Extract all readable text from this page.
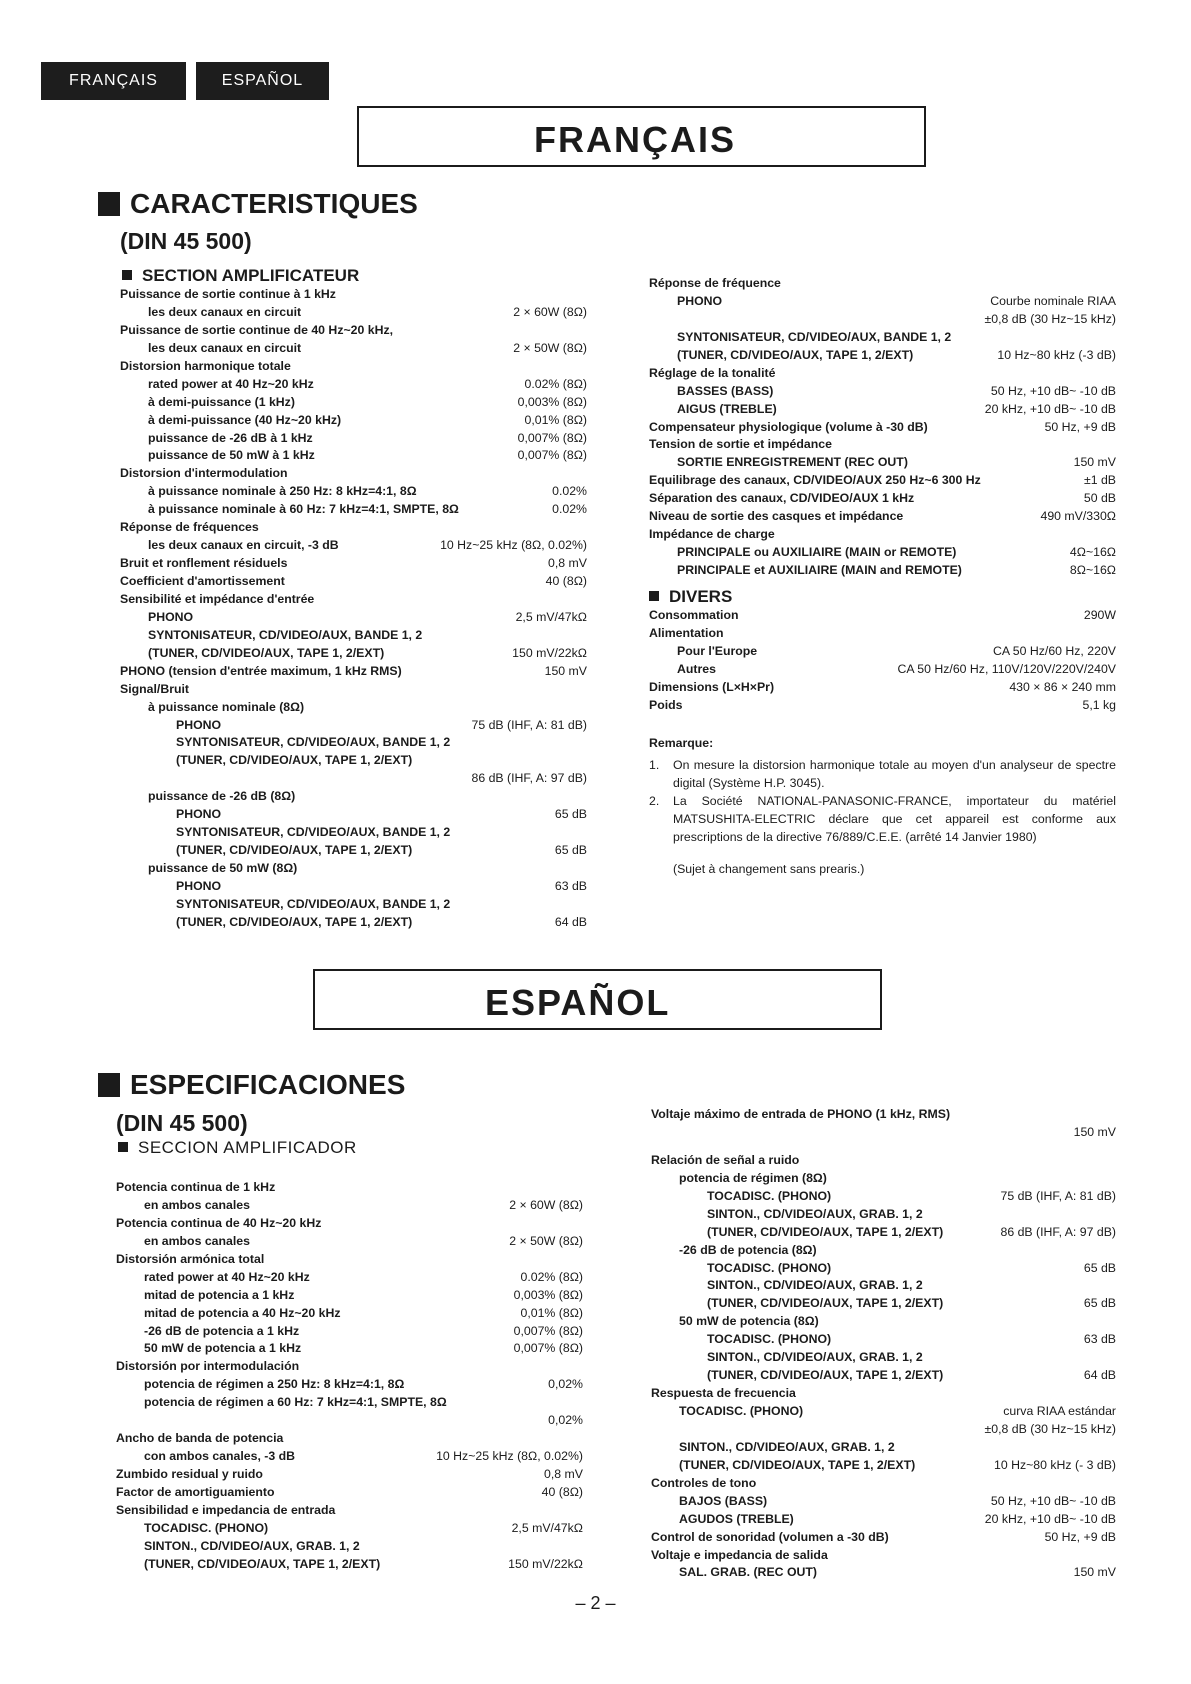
FRANÇAIS	ESPAÑOL
FRANÇAIS
CARACTERISTIQUES
(DIN 45 500)
SECTION AMPLIFICATEUR
Puissance de sortie continue à 1 kHz
les deux canaux en circuit	2 × 60W (8Ω)
Puissance de sortie continue de 40 Hz~20 kHz,
les deux canaux en circuit	2 × 50W (8Ω)
Distorsion harmonique totale
rated power at 40 Hz~20 kHz	0.02% (8Ω)
à demi-puissance (1 kHz)	0,003% (8Ω)
à demi-puissance (40 Hz~20 kHz)	0,01% (8Ω)
puissance de -26 dB à 1 kHz	0,007% (8Ω)
puissance de 50 mW à 1 kHz	0,007% (8Ω)
Distorsion d'intermodulation
à puissance nominale à 250 Hz: 8 kHz=4:1, 8Ω	0.02%
à puissance nominale à 60 Hz: 7 kHz=4:1, SMPTE, 8Ω	0.02%
Réponse de fréquences
les deux canaux en circuit, -3 dB	10 Hz~25 kHz (8Ω, 0.02%)
Bruit et ronflement résiduels	0,8 mV
Coefficient d'amortissement	40 (8Ω)
Sensibilité et impédance d'entrée
PHONO	2,5 mV/47kΩ
SYNTONISATEUR, CD/VIDEO/AUX, BANDE 1, 2
(TUNER, CD/VIDEO/AUX, TAPE 1, 2/EXT)	150 mV/22kΩ
PHONO (tension d'entrée maximum, 1 kHz RMS)	150 mV
Signal/Bruit
à puissance nominale (8Ω)
PHONO	75 dB (IHF, A: 81 dB)
SYNTONISATEUR, CD/VIDEO/AUX, BANDE 1, 2
(TUNER, CD/VIDEO/AUX, TAPE 1, 2/EXT)
86 dB (IHF, A: 97 dB)
puissance de -26 dB (8Ω)
PHONO	65 dB
SYNTONISATEUR, CD/VIDEO/AUX, BANDE 1, 2
(TUNER, CD/VIDEO/AUX, TAPE 1, 2/EXT)	65 dB
puissance de 50 mW (8Ω)
PHONO	63 dB
SYNTONISATEUR, CD/VIDEO/AUX, BANDE 1, 2
(TUNER, CD/VIDEO/AUX, TAPE 1, 2/EXT)	64 dB
Réponse de fréquence
PHONO	Courbe nominale RIAA
±0,8 dB (30 Hz~15 kHz)
SYNTONISATEUR, CD/VIDEO/AUX, BANDE 1, 2
(TUNER, CD/VIDEO/AUX, TAPE 1, 2/EXT)	10 Hz~80 kHz (-3 dB)
Réglage de la tonalité
BASSES (BASS)	50 Hz, +10 dB~ -10 dB
AIGUS (TREBLE)	20 kHz, +10 dB~ -10 dB
Compensateur physiologique (volume à -30 dB)	50 Hz, +9 dB
Tension de sortie et impédance
SORTIE ENREGISTREMENT (REC OUT)	150 mV
Equilibrage des canaux, CD/VIDEO/AUX 250 Hz~6 300 Hz	±1 dB
Séparation des canaux, CD/VIDEO/AUX 1 kHz	50 dB
Niveau de sortie des casques et impédance	490 mV/330Ω
Impédance de charge
PRINCIPALE ou AUXILIAIRE (MAIN or REMOTE)	4Ω~16Ω
PRINCIPALE et AUXILIAIRE (MAIN and REMOTE)	8Ω~16Ω
DIVERS
Consommation	290W
Alimentation
Pour l'Europe	CA 50 Hz/60 Hz, 220V
Autres	CA 50 Hz/60 Hz, 110V/120V/220V/240V
Dimensions (L×H×Pr)	430 × 86 × 240 mm
Poids	5,1 kg
Remarque:
1. On mesure la distorsion harmonique totale au moyen d'un analyseur de spectre digital (Système H.P. 3045).
2. La Société NATIONAL-PANASONIC-FRANCE, importateur du matériel MATSUSHITA-ELECTRIC déclare que cet appareil est conforme aux prescriptions de la directive 76/889/C.E.E. (arrêté 14 Janvier 1980)
(Sujet à changement sans prearis.)
ESPAÑOL
ESPECIFICACIONES
(DIN 45 500)
SECCION AMPLIFICADOR
Potencia continua de 1 kHz
en ambos canales	2 × 60W (8Ω)
Potencia continua de 40 Hz~20 kHz
en ambos canales	2 × 50W (8Ω)
Distorsión armónica total
rated power at 40 Hz~20 kHz	0.02% (8Ω)
mitad de potencia a 1 kHz	0,003% (8Ω)
mitad de potencia a 40 Hz~20 kHz	0,01% (8Ω)
-26 dB de potencia a 1 kHz	0,007% (8Ω)
50 mW de potencia a 1 kHz	0,007% (8Ω)
Distorsión por intermodulación
potencia de régimen a 250 Hz: 8 kHz=4:1, 8Ω	0,02%
potencia de régimen a 60 Hz: 7 kHz=4:1, SMPTE, 8Ω
0,02%
Ancho de banda de potencia
con ambos canales, -3 dB	10 Hz~25 kHz (8Ω, 0.02%)
Zumbido residual y ruido	0,8 mV
Factor de amortiguamiento	40 (8Ω)
Sensibilidad e impedancia de entrada
TOCADISC. (PHONO)	2,5 mV/47kΩ
SINTON., CD/VIDEO/AUX, GRAB. 1, 2
(TUNER, CD/VIDEO/AUX, TAPE 1, 2/EXT)	150 mV/22kΩ
Voltaje máximo de entrada de PHONO (1 kHz, RMS)
150 mV
Relación de señal a ruido
potencia de régimen (8Ω)
TOCADISC. (PHONO)	75 dB (IHF, A: 81 dB)
SINTON., CD/VIDEO/AUX, GRAB. 1, 2
(TUNER, CD/VIDEO/AUX, TAPE 1, 2/EXT)	86 dB (IHF, A: 97 dB)
-26 dB de potencia (8Ω)
TOCADISC. (PHONO)	65 dB
SINTON., CD/VIDEO/AUX, GRAB. 1, 2
(TUNER, CD/VIDEO/AUX, TAPE 1, 2/EXT)	65 dB
50 mW de potencia (8Ω)
TOCADISC. (PHONO)	63 dB
SINTON., CD/VIDEO/AUX, GRAB. 1, 2
(TUNER, CD/VIDEO/AUX, TAPE 1, 2/EXT)	64 dB
Respuesta de frecuencia
TOCADISC. (PHONO)	curva RIAA estándar
±0,8 dB (30 Hz~15 kHz)
SINTON., CD/VIDEO/AUX, GRAB. 1, 2
(TUNER, CD/VIDEO/AUX, TAPE 1, 2/EXT)	10 Hz~80 kHz (- 3 dB)
Controles de tono
BAJOS (BASS)	50 Hz, +10 dB~ -10 dB
AGUDOS (TREBLE)	20 kHz, +10 dB~ -10 dB
Control de sonoridad (volumen a -30 dB)	50 Hz, +9 dB
Voltaje e impedancia de salida
SAL. GRAB. (REC OUT)	150 mV
– 2 –
